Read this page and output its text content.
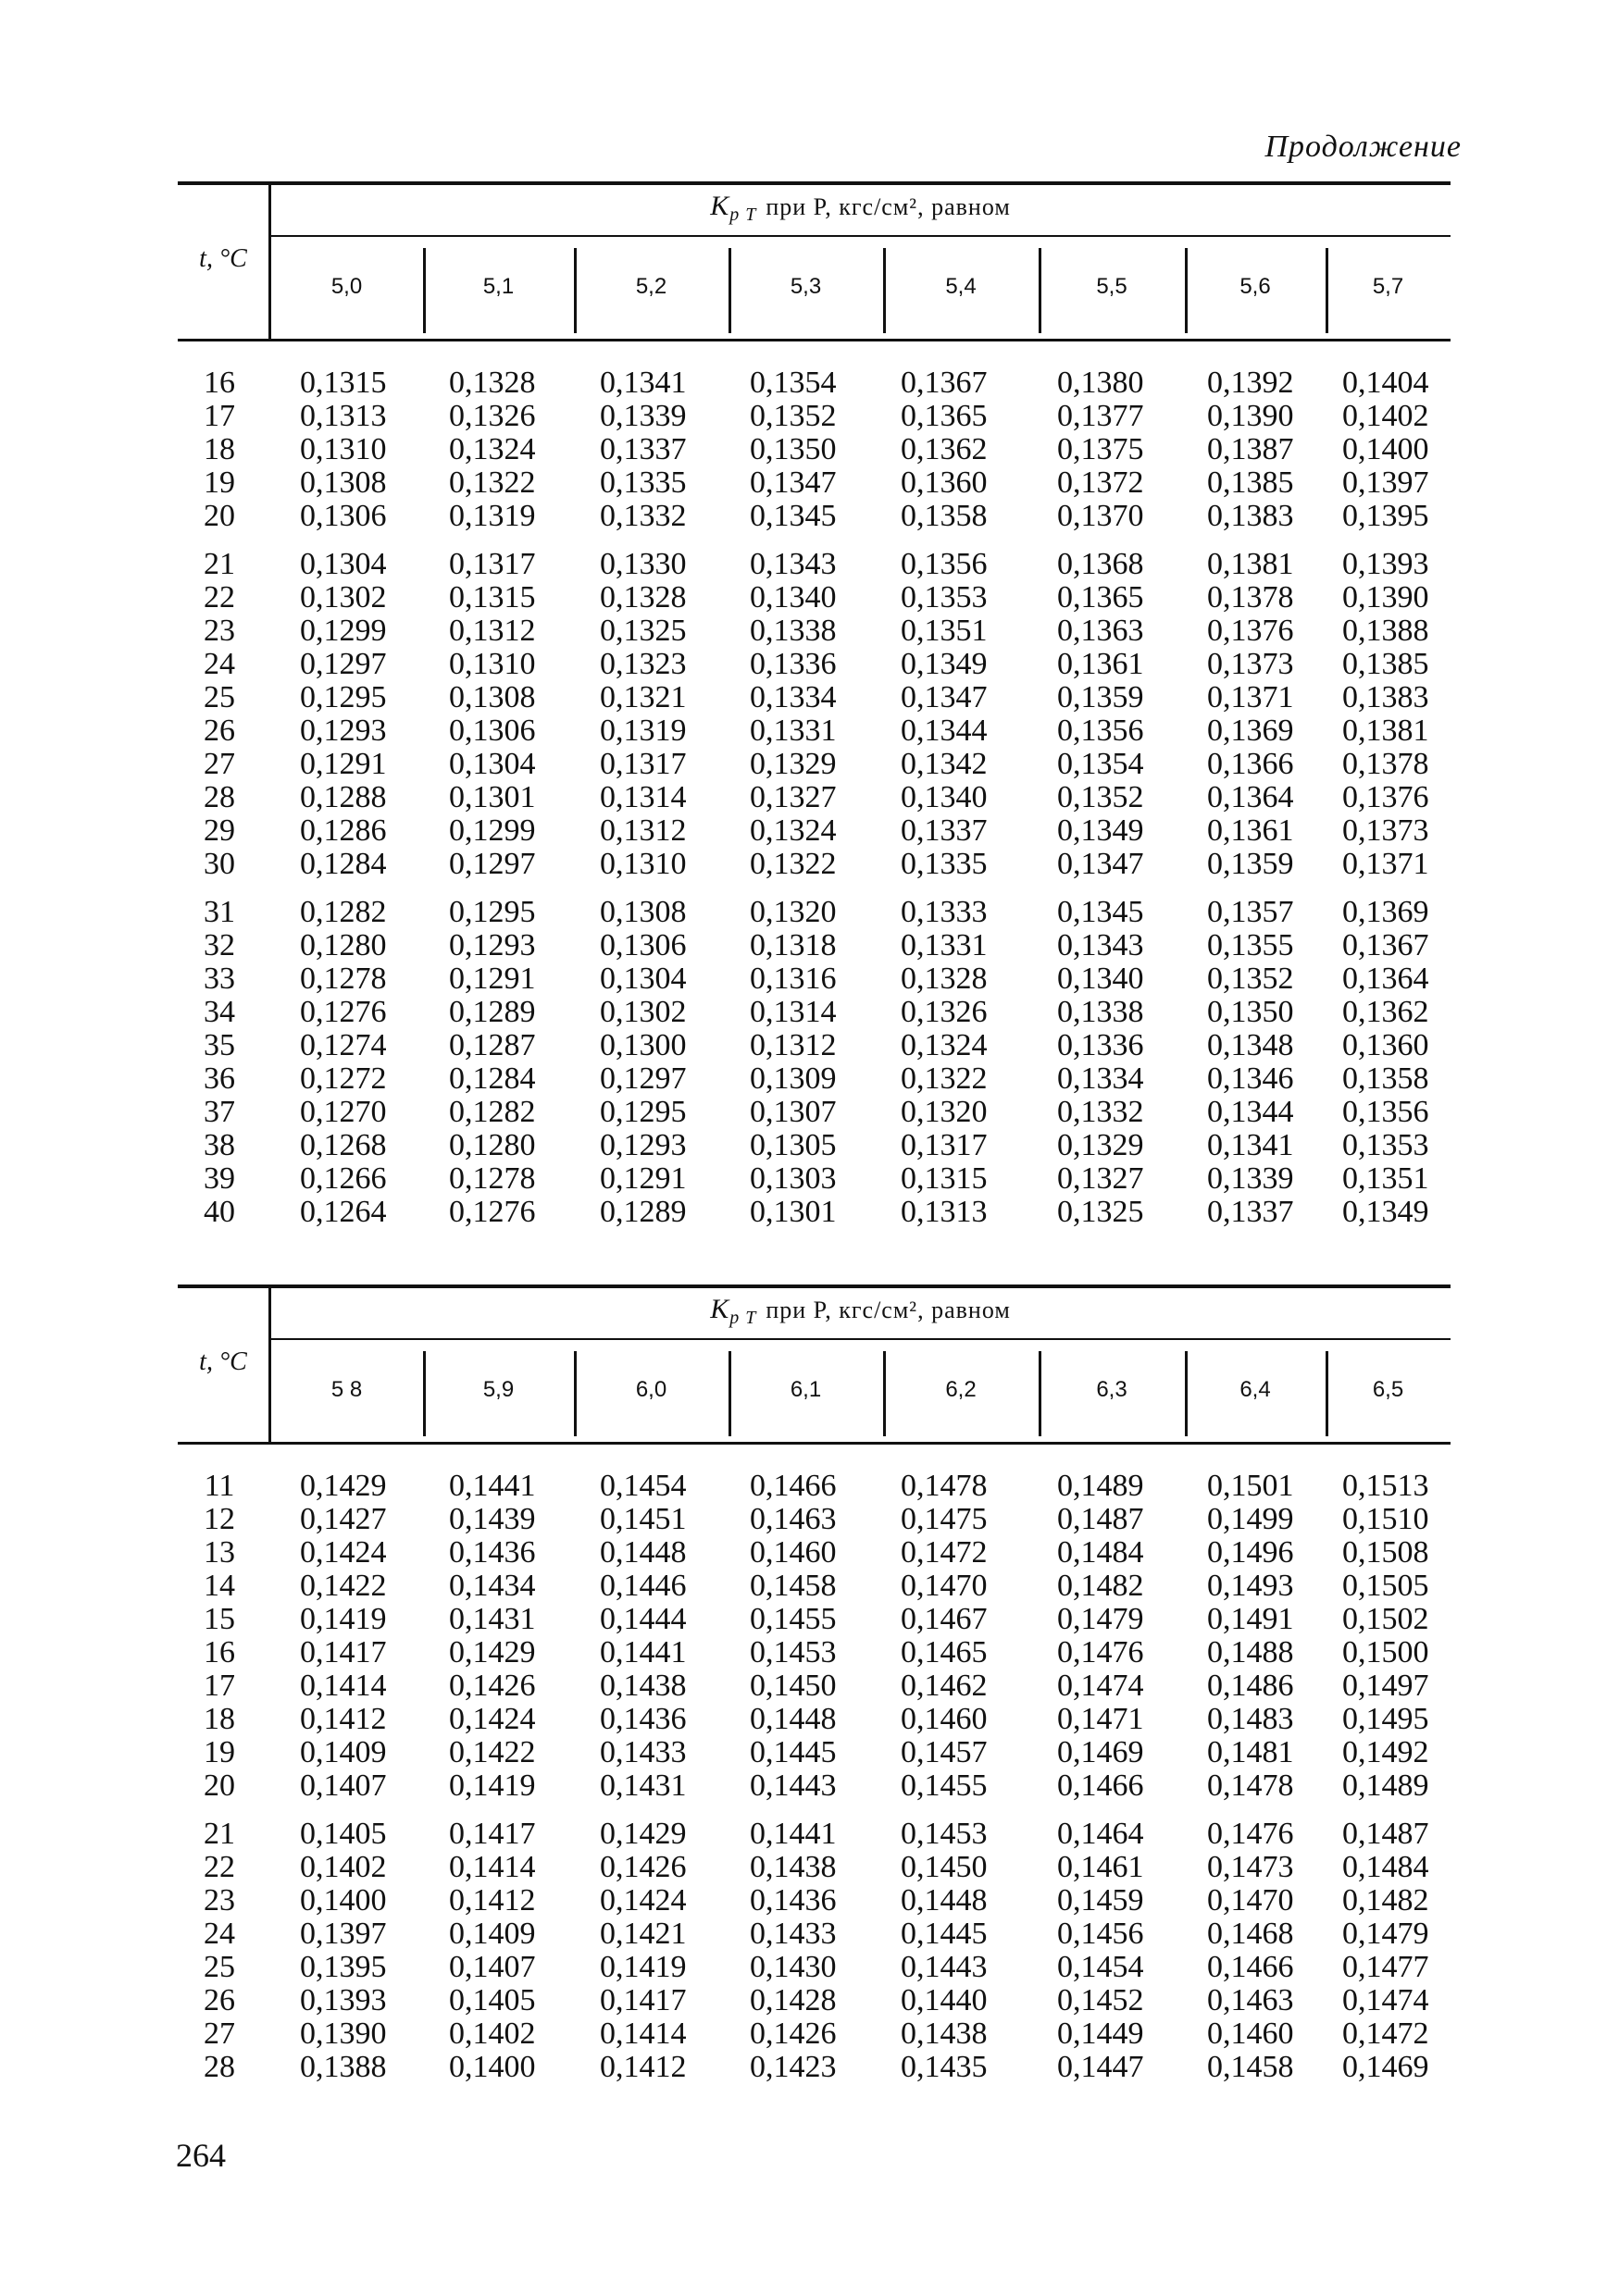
Продолжение
t, °C
$K_{p T}$ при P, кгс/см², равном
5,0	5,1	5,2	5,3	5,4	5,5	5,6	5,7
16	0,1315 0,1328 0,1341 0,1354 0,1367 0,1380 0,1392 0,1404
17	0,1313 0,1326 0,1339 0,1352 0,1365 0,1377 0,1390 0,1402
18	0,1310 0,1324 0,1337 0,1350 0,1362 0,1375 0,1387 0,1400
19	0,1308 0,1322 0,1335 0,1347 0,1360 0,1372 0,1385 0,1397
20	0,1306 0,1319 0,1332 0,1345 0,1358 0,1370 0,1383 0,1395
21	0,1304 0,1317 0,1330 0,1343 0,1356 0,1368 0,1381 0,1393
22	0,1302 0,1315 0,1328 0,1340 0,1353 0,1365 0,1378 0,1390
23	0,1299 0,1312 0,1325 0,1338 0,1351 0,1363 0,1376 0,1388
24	0,1297 0,1310 0,1323 0,1336 0,1349 0,1361 0,1373 0,1385
25	0,1295 0,1308 0,1321 0,1334 0,1347 0,1359 0,1371 0,1383
26	0,1293 0,1306 0,1319 0,1331 0,1344 0,1356 0,1369 0,1381
27	0,1291 0,1304 0,1317 0,1329 0,1342 0,1354 0,1366 0,1378
28	0,1288 0,1301 0,1314 0,1327 0,1340 0,1352 0,1364 0,1376
29	0,1286 0,1299 0,1312 0,1324 0,1337 0,1349 0,1361 0,1373
30	0,1284 0,1297 0,1310 0,1322 0,1335 0,1347 0,1359 0,1371
31	0,1282 0,1295 0,1308 0,1320 0,1333 0,1345 0,1357 0,1369
32	0,1280 0,1293 0,1306 0,1318 0,1331 0,1343 0,1355 0,1367
33	0,1278 0,1291 0,1304 0,1316 0,1328 0,1340 0,1352 0,1364
34	0,1276 0,1289 0,1302 0,1314 0,1326 0,1338 0,1350 0,1362
35	0,1274 0,1287 0,1300 0,1312 0,1324 0,1336 0,1348 0,1360
36	0,1272 0,1284 0,1297 0,1309 0,1322 0,1334 0,1346 0,1358
37	0,1270 0,1282 0,1295 0,1307 0,1320 0,1332 0,1344 0,1356
38	0,1268 0,1280 0,1293 0,1305 0,1317 0,1329 0,1341 0,1353
39	0,1266 0,1278 0,1291 0,1303 0,1315 0,1327 0,1339 0,1351
40	0,1264 0,1276 0,1289 0,1301 0,1313 0,1325 0,1337 0,1349
t, °C
$K_{p T}$ при P, кгс/см², равном
5 8	5,9	6,0	6,1	6,2	6,3	6,4	6,5
11	0,1429 0,1441 0,1454 0,1466 0,1478 0,1489 0,1501 0,1513
12	0,1427 0,1439 0,1451 0,1463 0,1475 0,1487 0,1499 0,1510
13	0,1424 0,1436 0,1448 0,1460 0,1472 0,1484 0,1496 0,1508
14	0,1422 0,1434 0,1446 0,1458 0,1470 0,1482 0,1493 0,1505
15	0,1419 0,1431 0,1444 0,1455 0,1467 0,1479 0,1491 0,1502
16	0,1417 0,1429 0,1441 0,1453 0,1465 0,1476 0,1488 0,1500
17	0,1414 0,1426 0,1438 0,1450 0,1462 0,1474 0,1486 0,1497
18	0,1412 0,1424 0,1436 0,1448 0,1460 0,1471 0,1483 0,1495
19	0,1409 0,1422 0,1433 0,1445 0,1457 0,1469 0,1481 0,1492
20	0,1407 0,1419 0,1431 0,1443 0,1455 0,1466 0,1478 0,1489
21	0,1405 0,1417 0,1429 0,1441 0,1453 0,1464 0,1476 0,1487
22	0,1402 0,1414 0,1426 0,1438 0,1450 0,1461 0,1473 0,1484
23	0,1400 0,1412 0,1424 0,1436 0,1448 0,1459 0,1470 0,1482
24	0,1397 0,1409 0,1421 0,1433 0,1445 0,1456 0,1468 0,1479
25	0,1395 0,1407 0,1419 0,1430 0,1443 0,1454 0,1466 0,1477
26	0,1393 0,1405 0,1417 0,1428 0,1440 0,1452 0,1463 0,1474
27	0,1390 0,1402 0,1414 0,1426 0,1438 0,1449 0,1460 0,1472
28	0,1388 0,1400 0,1412 0,1423 0,1435 0,1447 0,1458 0,1469
264
